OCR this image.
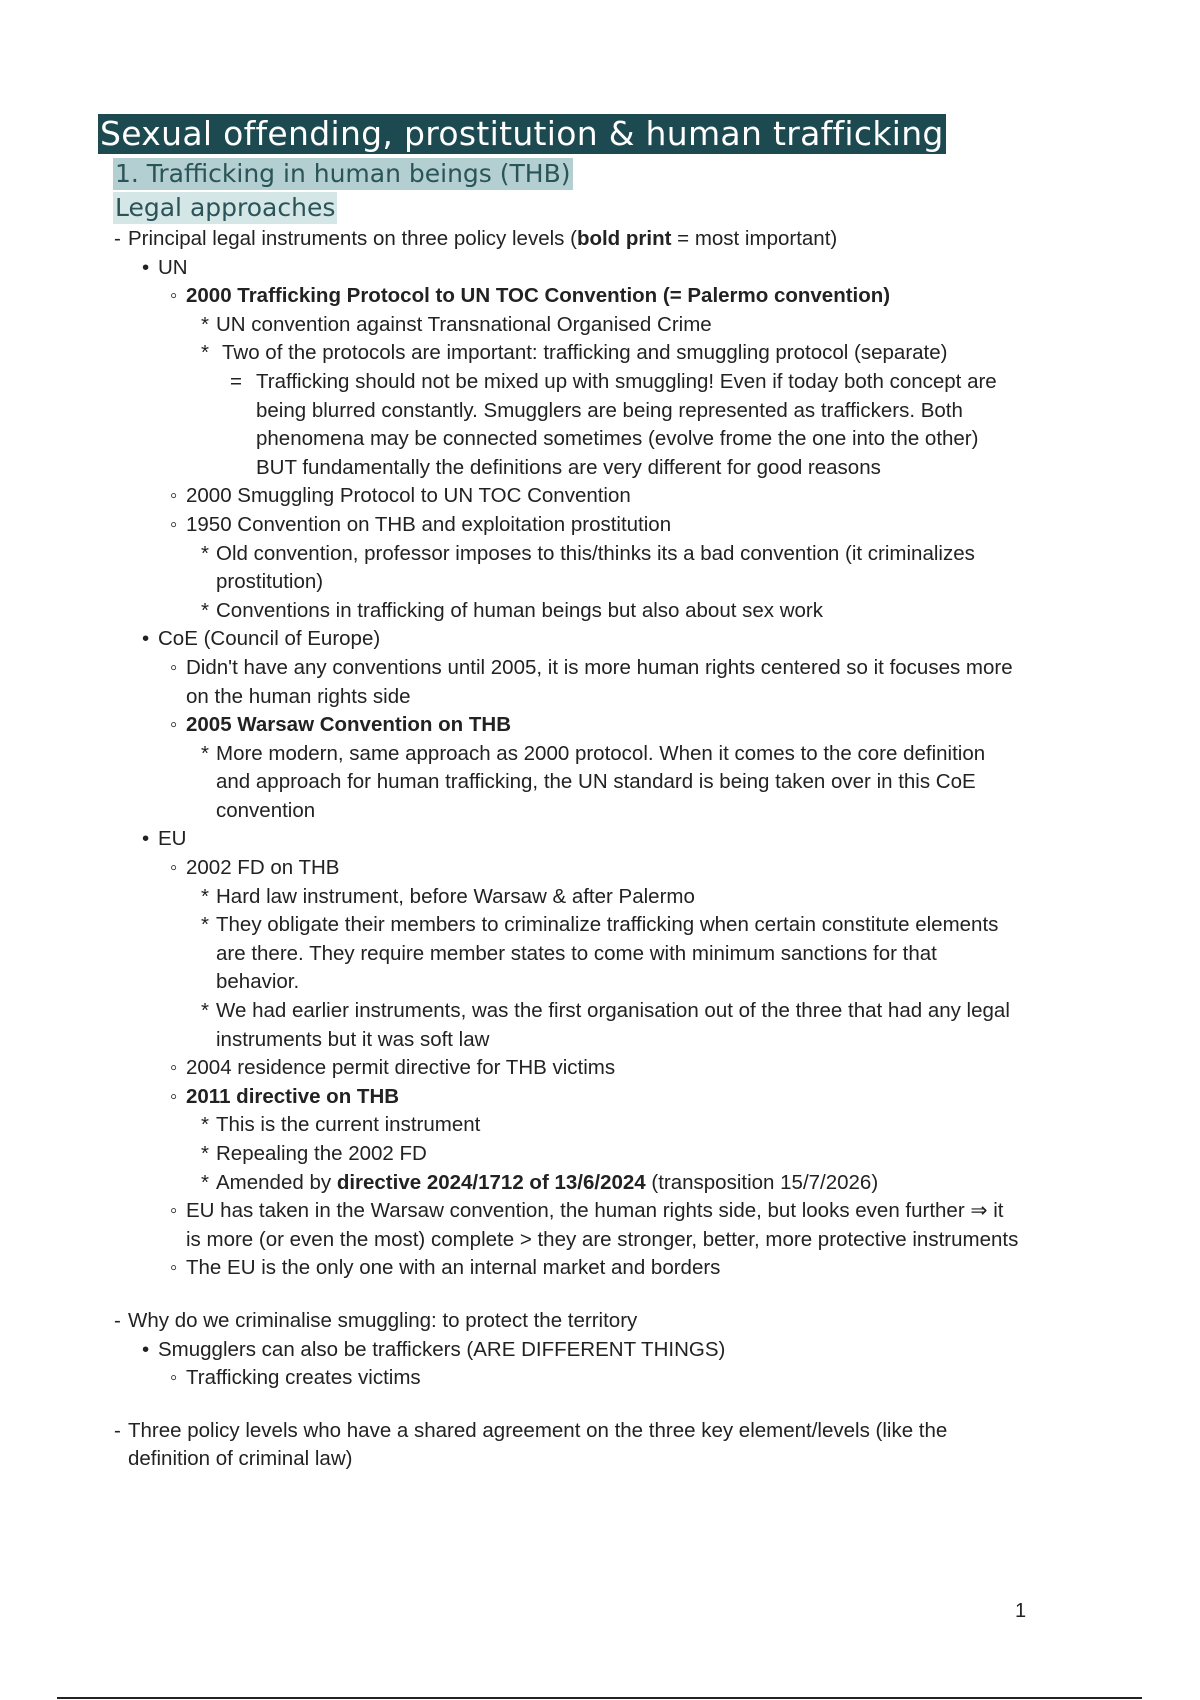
Sexual offending, prostitution & human trafficking
1. Trafficking in human beings (THB)
Legal approaches
- Principal legal instruments on three policy levels (bold print = most important)
• UN
◦ 2000 Trafficking Protocol to UN TOC Convention (= Palermo convention)
* UN convention against Transnational Organised Crime
* Two of the protocols are important: trafficking and smuggling protocol (separate)
= Trafficking should not be mixed up with smuggling! Even if today both concept are
being blurred constantly. Smugglers are being represented as traffickers. Both
phenomena may be connected sometimes (evolve frome the one into the other)
BUT fundamentally the definitions are very different for good reasons
◦ 2000 Smuggling Protocol to UN TOC Convention
◦ 1950 Convention on THB and exploitation prostitution
* Old convention, professor imposes to this/thinks its a bad convention (it criminalizes
prostitution)
* Conventions in trafficking of human beings but also about sex work
• CoE (Council of Europe)
◦ Didn't have any conventions until 2005, it is more human rights centered so it focuses more
on the human rights side
◦ 2005 Warsaw Convention on THB
* More modern, same approach as 2000 protocol. When it comes to the core definition
and approach for human trafficking, the UN standard is being taken over in this CoE
convention
• EU
◦ 2002 FD on THB
* Hard law instrument, before Warsaw & after Palermo
* They obligate their members to criminalize trafficking when certain constitute elements
are there. They require member states to come with minimum sanctions for that
behavior.
* We had earlier instruments, was the first organisation out of the three that had any legal
instruments but it was soft law
◦ 2004 residence permit directive for THB victims
◦ 2011 directive on THB
* This is the current instrument
* Repealing the 2002 FD
* Amended by directive 2024/1712 of 13/6/2024 (transposition 15/7/2026)
◦ EU has taken in the Warsaw convention, the human rights side, but looks even further ⇒ it
is more (or even the most) complete > they are stronger, better, more protective instruments
◦ The EU is the only one with an internal market and borders
- Why do we criminalise smuggling: to protect the territory
• Smugglers can also be traffickers (ARE DIFFERENT THINGS)
◦ Trafficking creates victims
- Three policy levels who have a shared agreement on the three key element/levels (like the
definition of criminal law)
1
